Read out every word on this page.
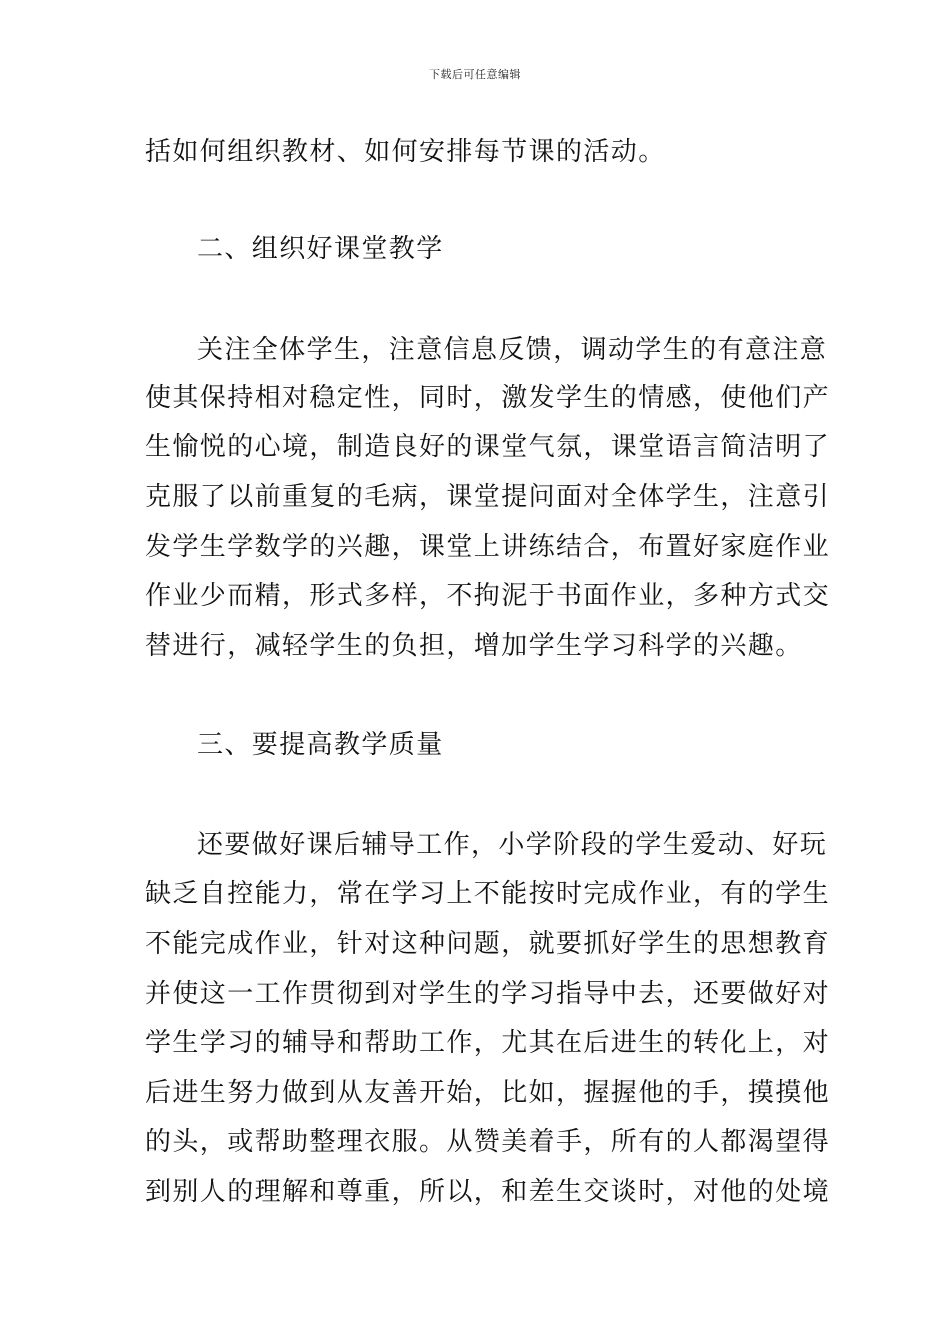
下载后可任意编辑
括如何组织教材、如何安排每节课的活动。
二、组织好课堂教学
关注全体学生，注意信息反馈，调动学生的有意注意
使其保持相对稳定性，同时，激发学生的情感，使他们产
生愉悦的心境，制造良好的课堂气氛，课堂语言简洁明了
克服了以前重复的毛病，课堂提问面对全体学生，注意引
发学生学数学的兴趣，课堂上讲练结合，布置好家庭作业
作业少而精，形式多样，不拘泥于书面作业，多种方式交
替进行，减轻学生的负担，增加学生学习科学的兴趣。
三、要提高教学质量
还要做好课后辅导工作，小学阶段的学生爱动、好玩
缺乏自控能力，常在学习上不能按时完成作业，有的学生
不能完成作业，针对这种问题，就要抓好学生的思想教育
并使这一工作贯彻到对学生的学习指导中去，还要做好对
学生学习的辅导和帮助工作，尤其在后进生的转化上，对
后进生努力做到从友善开始，比如，握握他的手，摸摸他
的头，或帮助整理衣服。从赞美着手，所有的人都渴望得
到别人的理解和尊重，所以，和差生交谈时，对他的处境
